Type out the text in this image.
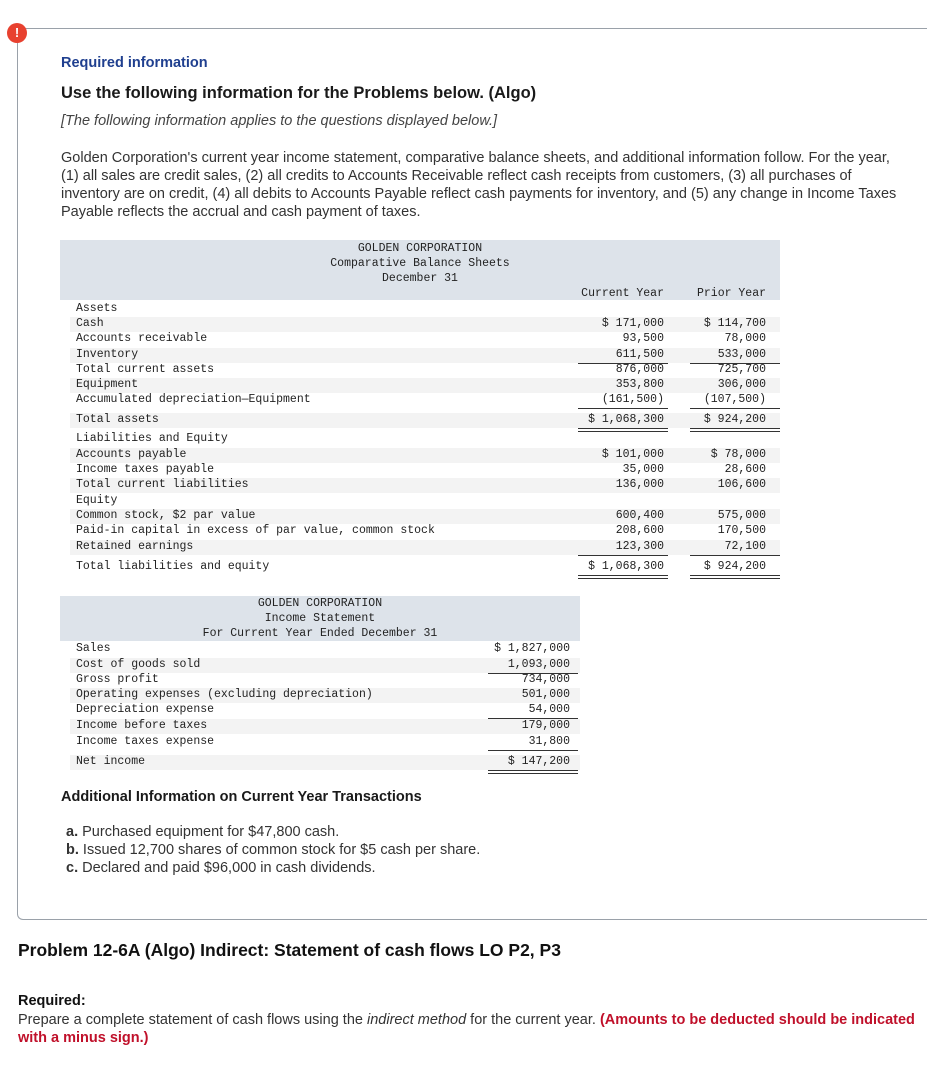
!
Required information
Use the following information for the Problems below. (Algo)
[The following information applies to the questions displayed below.]
Golden Corporation's current year income statement, comparative balance sheets, and additional information follow. For the year, (1) all sales are credit sales, (2) all credits to Accounts Receivable reflect cash receipts from customers, (3) all purchases of inventory are on credit, (4) all debits to Accounts Payable reflect cash payments for inventory, and (5) any change in Income Taxes Payable reflects the accrual and cash payment of taxes.
GOLDEN CORPORATION
Comparative Balance Sheets
December 31
Current Year	Prior Year
Assets
Cash	$ 171,000	$ 114,700
Accounts receivable	93,500	78,000
Inventory	611,500	533,000
Total current assets	876,000	725,700
Equipment	353,800	306,000
Accumulated depreciation—Equipment	(161,500)	(107,500)
Total assets	$ 1,068,300	$ 924,200
Liabilities and Equity
Accounts payable	$ 101,000	$ 78,000
Income taxes payable	35,000	28,600
Total current liabilities	136,000	106,600
Equity
Common stock, $2 par value	600,400	575,000
Paid-in capital in excess of par value, common stock	208,600	170,500
Retained earnings	123,300	72,100
Total liabilities and equity	$ 1,068,300	$ 924,200
GOLDEN CORPORATION
Income Statement
For Current Year Ended December 31
Sales	$ 1,827,000
Cost of goods sold	1,093,000
Gross profit	734,000
Operating expenses (excluding depreciation)	501,000
Depreciation expense	54,000
Income before taxes	179,000
Income taxes expense	31,800
Net income	$ 147,200
Additional Information on Current Year Transactions
a. Purchased equipment for $47,800 cash.
b. Issued 12,700 shares of common stock for $5 cash per share.
c. Declared and paid $96,000 in cash dividends.
Problem 12-6A (Algo) Indirect: Statement of cash flows LO P2, P3
Required:
Prepare a complete statement of cash flows using the indirect method for the current year. (Amounts to be deducted should be indicated with a minus sign.)
